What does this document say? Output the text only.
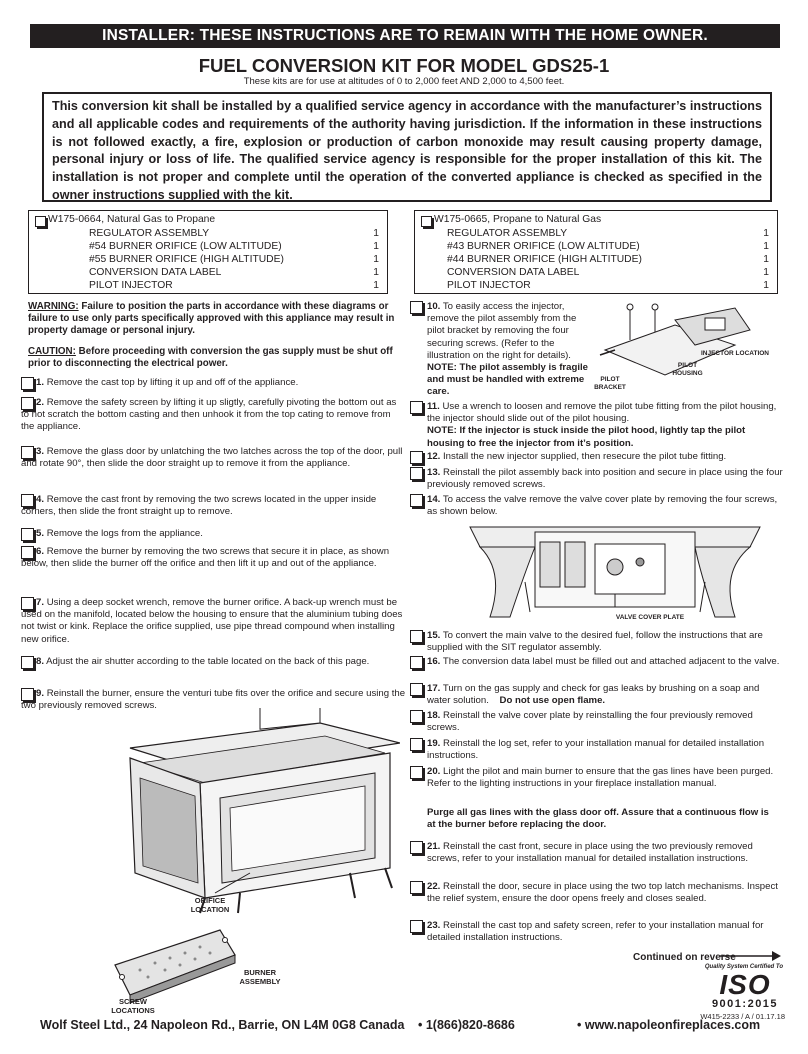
INSTALLER: THESE INSTRUCTIONS ARE TO REMAIN WITH THE HOME OWNER.
FUEL CONVERSION KIT FOR MODEL GDS25-1
These kits are for use at altitudes of 0 to 2,000 feet AND 2,000 to 4,500 feet.
This conversion kit shall be installed by a qualified service agency in accordance with the manufacturer’s instructions and all applicable codes and requirements of the authority having jurisdiction. If the information in these instructions is not followed exactly, a fire, explosion or production of carbon monoxide may result causing property damage, personal injury or loss of life. The qualified service agency is responsible for the proper installation of this kit. The installation is not proper and complete until the operation of the converted appliance is checked as specified in the owner instructions supplied with the kit.
W175-0664, Natural Gas to Propane
REGULATOR ASSEMBLY	1
#54 BURNER ORIFICE (LOW ALTITUDE)	1
#55 BURNER ORIFICE (HIGH ALTITUDE)	1
CONVERSION DATA LABEL	1
PILOT INJECTOR	1
W175-0665, Propane to Natural Gas
REGULATOR ASSEMBLY	1
#43 BURNER ORIFICE (LOW ALTITUDE)	1
#44 BURNER ORIFICE (HIGH ALTITUDE)	1
CONVERSION DATA LABEL	1
PILOT INJECTOR	1
WARNING: Failure to position the parts in accordance with these diagrams or failure to use only parts specifically approved with this appliance may result in property damage or personal injury.
CAUTION: Before proceeding with conversion the gas supply must be shut off prior to disconnecting the electrical power.
1. Remove the cast top by lifting it up and off of the appliance.
2. Remove the safety screen by lifting it up sligtly, carefully pivoting the bottom out as to not scratch the bottom casting and then unhook it from the top cating to remove from the appliance.
3. Remove the glass door by unlatching the two latches across the top of the door, pull and rotate 90°, then slide the door straight up to remove it from the appliance.
4. Remove the cast front by removing the two screws located in the upper inside corners, then slide the front straight up to remove.
5. Remove the logs from the appliance.
6. Remove the burner by removing the two screws that secure it in place, as shown below, then slide the burner off the orifice and then lift it up and out of the appliance.
7. Using a deep socket wrench, remove the burner orifice. A back-up wrench must be used on the manifold, located below the housing to ensure that the aluminium tubing does not twist or kink. Replace the orifice supplied, use pipe thread compound when installing new orifice.
8. Adjust the air shutter according to the table located on the back of this page.
9. Reinstall the burner, ensure the venturi tube fits over the orifice and secure using the two previously removed screws.
ORIFICE LOCATION
BURNER ASSEMBLY
SCREW LOCATIONS
10. To easily access the injector, remove the pilot assembly from the pilot bracket by removing the four securing screws. (Refer to the illustration on the right for details).
NOTE: The pilot assembly is fragile and must be handled with extreme care.
INJECTOR LOCATION
PILOT HOUSING
PILOT BRACKET
11. Use a wrench to loosen and remove the pilot tube fitting from the pilot housing, the injector should slide out of the pilot housing.
NOTE: If the injector is stuck inside the pilot hood, lightly tap the pilot housing to free the injector from it’s position.
12. Install the new injector supplied, then resecure the pilot tube fitting.
13. Reinstall the pilot assembly back into position and secure in place using the four previously removed screws.
14. To access the valve remove the valve cover plate by removing the four screws, as shown below.
VALVE COVER PLATE
15. To convert the main valve to the desired fuel, follow the instructions that are supplied with the SIT regulator assembly.
16. The conversion data label must be filled out and attached adjacent to the valve.
17. Turn on the gas supply and check for gas leaks by brushing on a soap and water solution. Do not use open flame.
18. Reinstall the valve cover plate by reinstalling the four previously removed screws.
19. Reinstall the log set, refer to your installation manual for detailed installation instructions.
20. Light the pilot and main burner to ensure that the gas lines have been purged. Refer to the lighting instructions in your fireplace installation manual.
Purge all gas lines with the glass door off. Assure that a continuous flow is at the burner before replacing the door.
21. Reinstall the cast front, secure in place using the two previously removed screws, refer to your installation manual for detailed installation instructions.
22. Reinstall the door, secure in place using the two top latch mechanisms. Inspect the relief system, ensure the door opens freely and closes sealed.
23. Reinstall the cast top and safety screen, refer to your installation manual for detailed installation instructions.
Continued on reverse
Quality System Certified To
ISO
9001:2015
W415-2233 / A / 01.17.18
Wolf Steel Ltd., 24 Napoleon Rd., Barrie, ON L4M 0G8 Canada • 1(866)820-8686	• www.napoleonfireplaces.com
